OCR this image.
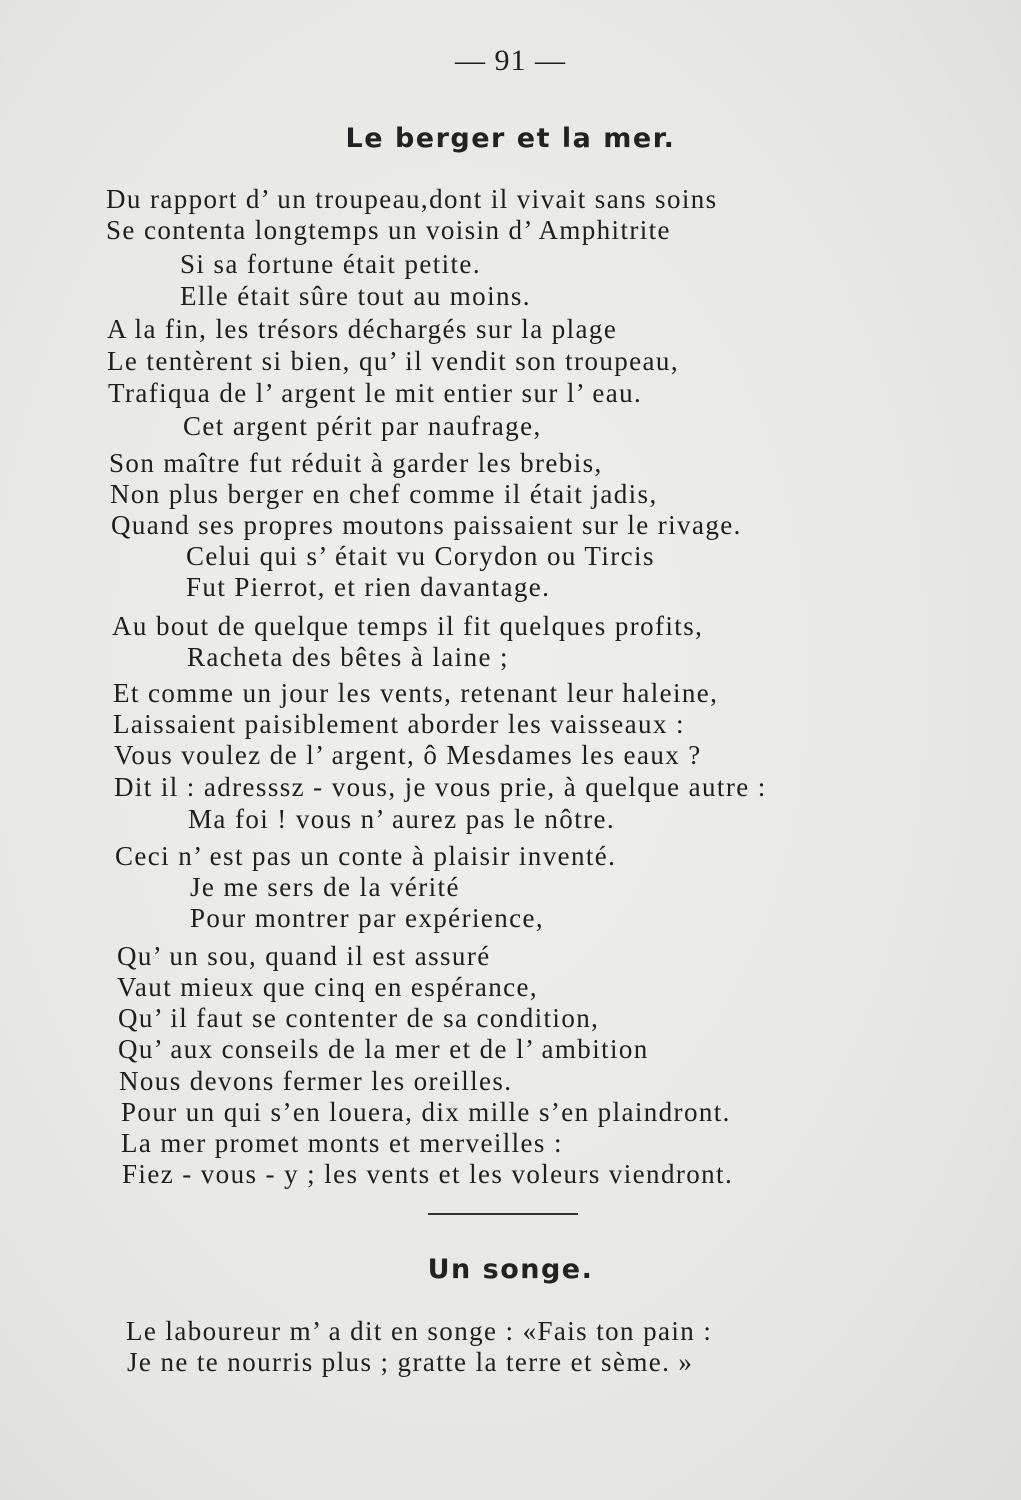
— 91 —
Le berger et la mer.
Du rapport d’ un troupeau,dont il vivait sans soins
Se contenta longtemps un voisin d’ Amphitrite
Si sa fortune était petite.
Elle était sûre tout au moins.
A la fin, les trésors déchargés sur la plage
Le tentèrent si bien, qu’ il vendit son troupeau,
Trafiqua de l’ argent le mit entier sur l’ eau.
Cet argent périt par naufrage,
Son maître fut réduit à garder les brebis,
Non plus berger en chef comme il était jadis,
Quand ses propres moutons paissaient sur le rivage.
Celui qui s’ était vu Corydon ou Tircis
Fut Pierrot, et rien davantage.
Au bout de quelque temps il fit quelques profits,
Racheta des bêtes à laine ;
Et comme un jour les vents, retenant leur haleine,
Laissaient paisiblement aborder les vaisseaux :
Vous voulez de l’ argent, ô Mesdames les eaux ?
Dit il : adresssz - vous, je vous prie, à quelque autre :
Ma foi ! vous n’ aurez pas le nôtre.
Ceci n’ est pas un conte à plaisir inventé.
Je me sers de la vérité
Pour montrer par expérience,
Qu’ un sou, quand il est assuré
Vaut mieux que cinq en espérance,
Qu’ il faut se contenter de sa condition,
Qu’ aux conseils de la mer et de l’ ambition
Nous devons fermer les oreilles.
Pour un qui s’en louera, dix mille s’en plaindront.
La mer promet monts et merveilles :
Fiez - vous - y ; les vents et les voleurs viendront.
Un songe.
Le laboureur m’ a dit en songe : «Fais ton pain :
Je ne te nourris plus ; gratte la terre et sème. »
